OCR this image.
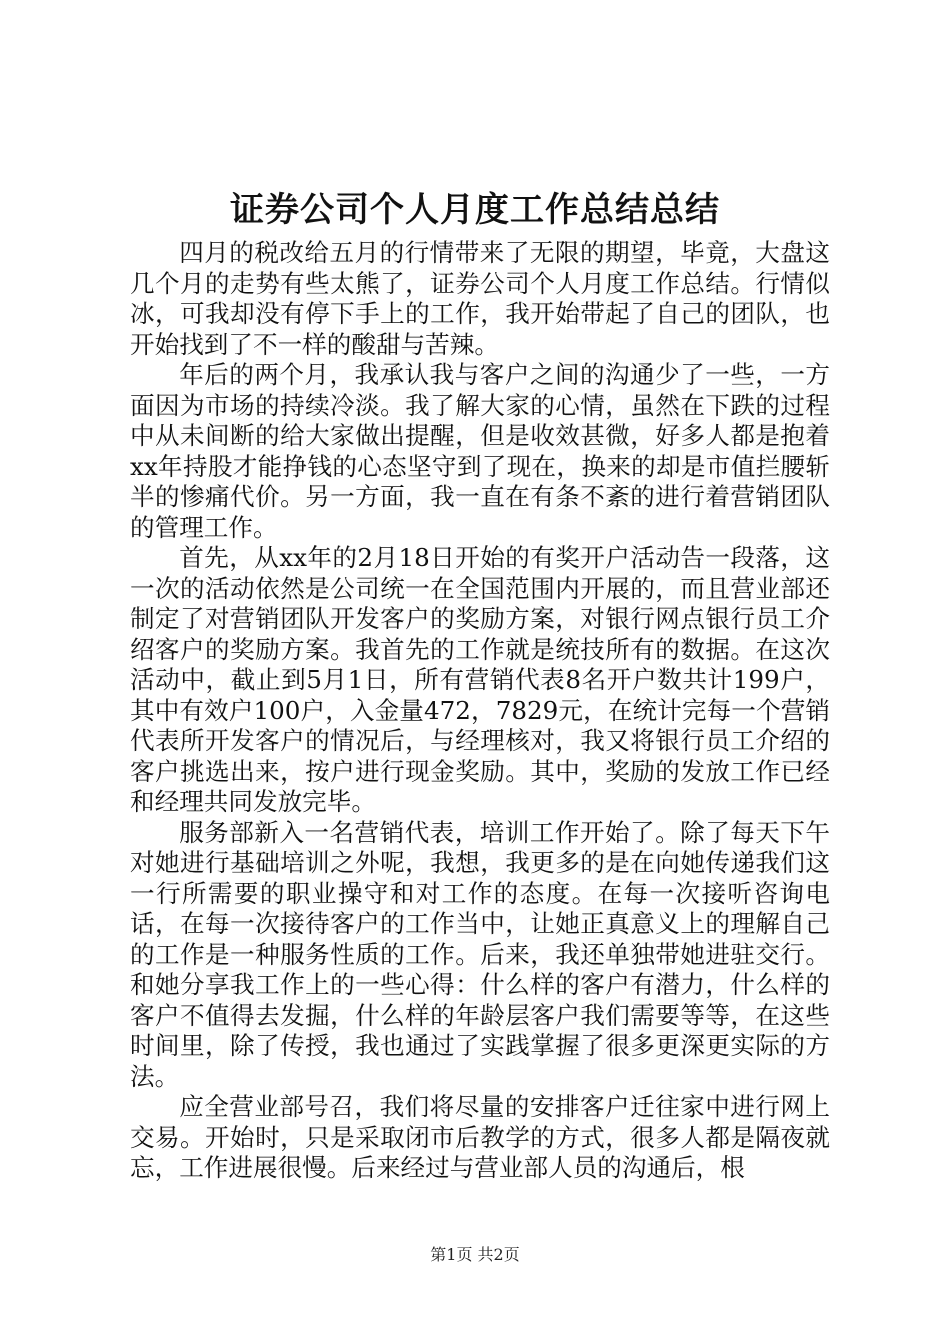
证券公司个人月度工作总结总结

四月的税改给五月的行情带来了无限的期望，毕竟，大盘这几个月的走势有些太熊了，证券公司个人月度工作总结。行情似冰，可我却没有停下手上的工作，我开始带起了自己的团队，也开始找到了不一样的酸甜与苦辣。

年后的两个月，我承认我与客户之间的沟通少了一些，一方面因为市场的持续冷淡。我了解大家的心情，虽然在下跌的过程中从未间断的给大家做出提醒，但是收效甚微，好多人都是抱着xx年持股才能挣钱的心态坚守到了现在，换来的却是市值拦腰斩半的惨痛代价。另一方面，我一直在有条不紊的进行着营销团队的管理工作。

首先，从xx年的2月18日开始的有奖开户活动告一段落，这一次的活动依然是公司统一在全国范围内开展的，而且营业部还制定了对营销团队开发客户的奖励方案，对银行网点银行员工介绍客户的奖励方案。我首先的工作就是统技所有的数据。在这次活动中，截止到5月1日，所有营销代表8名开户数共计199户，其中有效户100户，入金量472，7829元，在统计完每一个营销代表所开发客户的情况后，与经理核对，我又将银行员工介绍的客户挑选出来，按户进行现金奖励。其中，奖励的发放工作已经和经理共同发放完毕。

服务部新入一名营销代表，培训工作开始了。除了每天下午对她进行基础培训之外呢，我想，我更多的是在向她传递我们这一行所需要的职业操守和对工作的态度。在每一次接听咨询电话，在每一次接待客户的工作当中，让她正真意义上的理解自己的工作是一种服务性质的工作。后来，我还单独带她进驻交行。和她分享我工作上的一些心得：什么样的客户有潜力，什么样的客户不值得去发掘，什么样的年龄层客户我们需要等等，在这些时间里，除了传授，我也通过了实践掌握了很多更深更实际的方法。

应全营业部号召，我们将尽量的安排客户迁往家中进行网上交易。开始时，只是采取闭市后教学的方式，很多人都是隔夜就忘，工作进展很慢。后来经过与营业部人员的沟通后，根

第1页 共2页
